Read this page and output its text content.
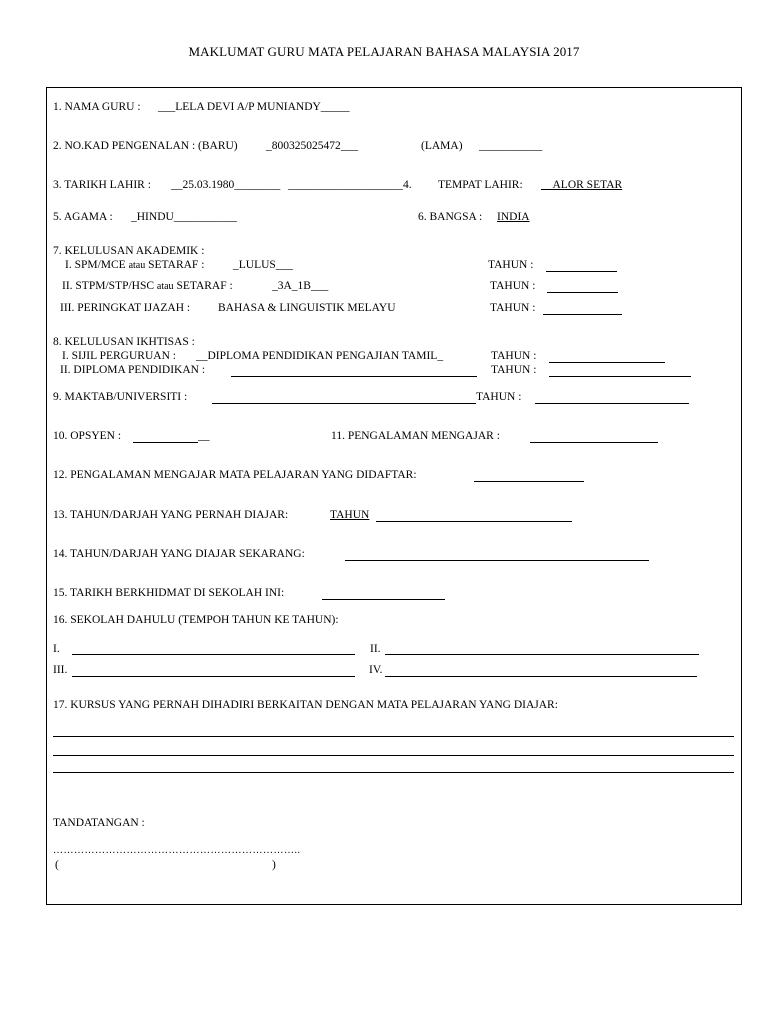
MAKLUMAT GURU MATA PELAJARAN BAHASA MALAYSIA 2017
1. NAMA GURU : ___LELA DEVI A/P MUNIANDY_____
2. NO.KAD PENGENALAN : (BARU) _800325025472___	(LAMA) ___________
3. TARIKH LAHIR : __25.03.1980________ ____________________4. TEMPAT LAHIR: __ALOR SETAR
5. AGAMA : _HINDU___________	6. BANGSA : INDIA
7. KELULUSAN AKADEMIK :
I. SPM/MCE atau SETARAF : _LULUS___	TAHUN :
II. STPM/STP/HSC atau SETARAF :	_3A_1B___	TAHUN :
III. PERINGKAT IJAZAH : BAHASA & LINGUISTIK MELAYU	TAHUN :
8. KELULUSAN IKHTISAS :
I. SIJIL PERGURUAN : __DIPLOMA PENDIDIKAN PENGAJIAN TAMIL_	TAHUN :
II. DIPLOMA PENDIDIKAN :	TAHUN :
9. MAKTAB/UNIVERSITI :	TAHUN :
10. OPSYEN :	__	11. PENGALAMAN MENGAJAR :
12. PENGALAMAN MENGAJAR MATA PELAJARAN YANG DIDAFTAR:
13. TAHUN/DARJAH YANG PERNAH DIAJAR:	TAHUN
14. TAHUN/DARJAH YANG DIAJAR SEKARANG:
15. TARIKH BERKHIDMAT DI SEKOLAH INI:
16. SEKOLAH DAHULU (TEMPOH TAHUN KE TAHUN):
I.	II.
III.	IV.
17. KURSUS YANG PERNAH DIHADIRI BERKAITAN DENGAN MATA PELAJARAN YANG DIAJAR:
TANDATANGAN :
……………………………………………………………..
(	)
